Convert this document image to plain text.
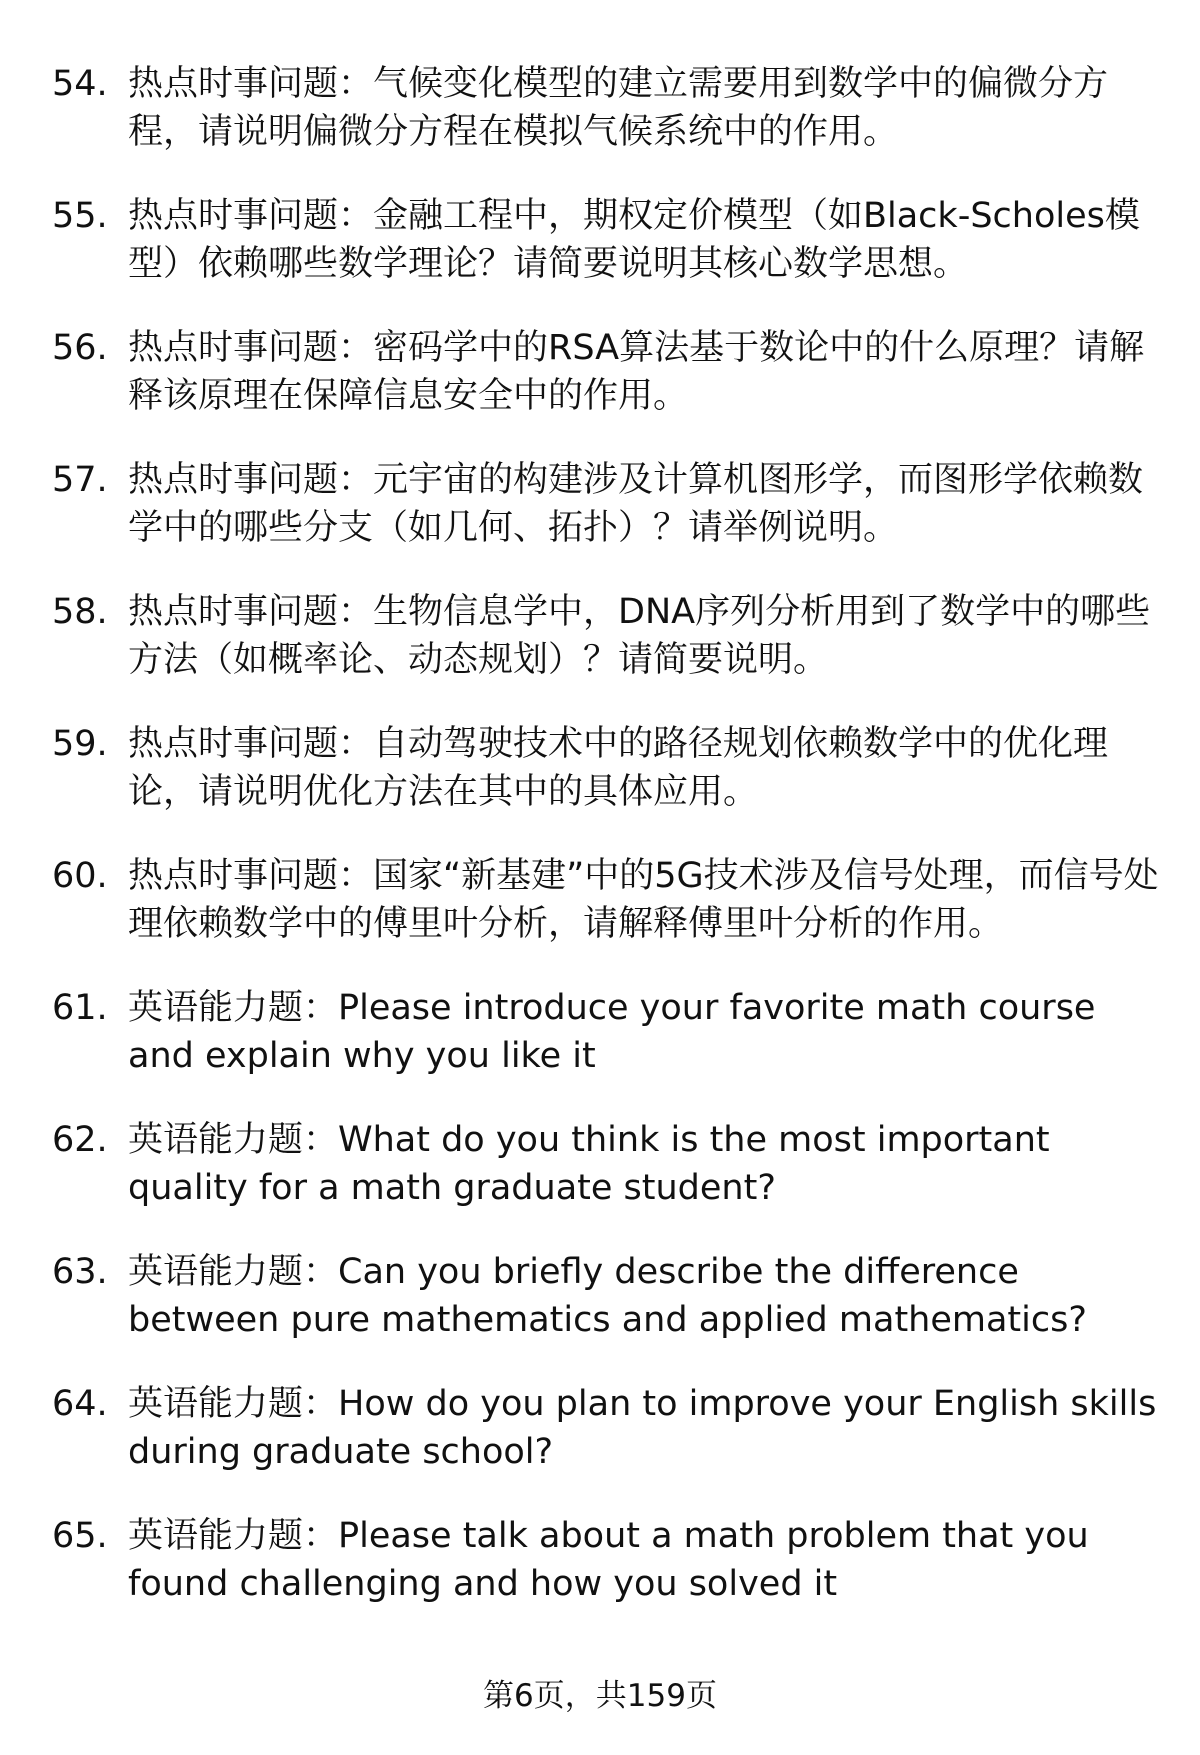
54. 热点时事问题：气候变化模型的建立需要用到数学中的偏微分方程，请说明偏微分方程在模拟气候系统中的作用。
55. 热点时事问题：金融工程中，期权定价模型（如Black-Scholes模型）依赖哪些数学理论？请简要说明其核心数学思想。
56. 热点时事问题：密码学中的RSA算法基于数论中的什么原理？请解释该原理在保障信息安全中的作用。
57. 热点时事问题：元宇宙的构建涉及计算机图形学，而图形学依赖数学中的哪些分支（如几何、拓扑）？请举例说明。
58. 热点时事问题：生物信息学中，DNA序列分析用到了数学中的哪些方法（如概率论、动态规划）？请简要说明。
59. 热点时事问题：自动驾驶技术中的路径规划依赖数学中的优化理论，请说明优化方法在其中的具体应用。
60. 热点时事问题：国家“新基建”中的5G技术涉及信号处理，而信号处理依赖数学中的傅里叶分析，请解释傅里叶分析的作用。
61. 英语能力题：Please introduce your favorite math course and explain why you like it
62. 英语能力题：What do you think is the most important quality for a math graduate student?
63. 英语能力题：Can you briefly describe the difference between pure mathematics and applied mathematics?
64. 英语能力题：How do you plan to improve your English skills during graduate school?
65. 英语能力题：Please talk about a math problem that you found challenging and how you solved it
第6页，共159页
